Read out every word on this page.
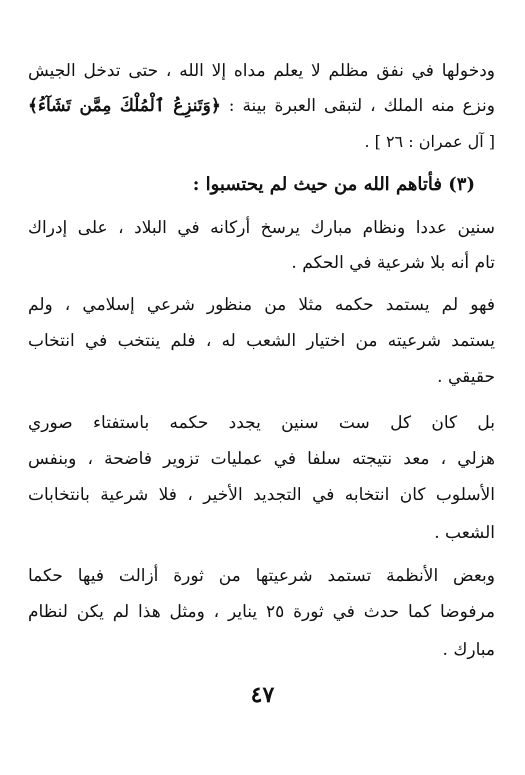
ودخولها في نفق مظلم لا يعلم مداه إلا الله ، حتى تدخل الجيش
ونزع منه الملك ، لتبقى العبرة بينة : ﴿وَتَنزِعُ ٱلْمُلْكَ مِمَّن تَشَآءُ﴾
[ آل عمران : ٢٦ ] .
(٣) فأتاهم الله من حيث لم يحتسبوا :
سنين عددا ونظام مبارك يرسخ أركانه في البلاد ، على إدراك
تام أنه بلا شرعية في الحكم .
فهو لم يستمد حكمه مثلا من منظور شرعي إسلامي ، ولم
يستمد شرعيته من اختيار الشعب له ، فلم ينتخب في انتخاب
حقيقي .
بل كان كل ست سنين يجدد حكمه باستفتاء صوري
هزلي ، معد نتيجته سلفا في عمليات تزوير فاضحة ، وبنفس
الأسلوب كان انتخابه في التجديد الأخير ، فلا شرعية بانتخابات
الشعب .
وبعض الأنظمة تستمد شرعيتها من ثورة أزالت فيها حكما
مرفوضا كما حدث في ثورة ٢٥ يناير ، ومثل هذا لم يكن لنظام
مبارك .
٤٧
